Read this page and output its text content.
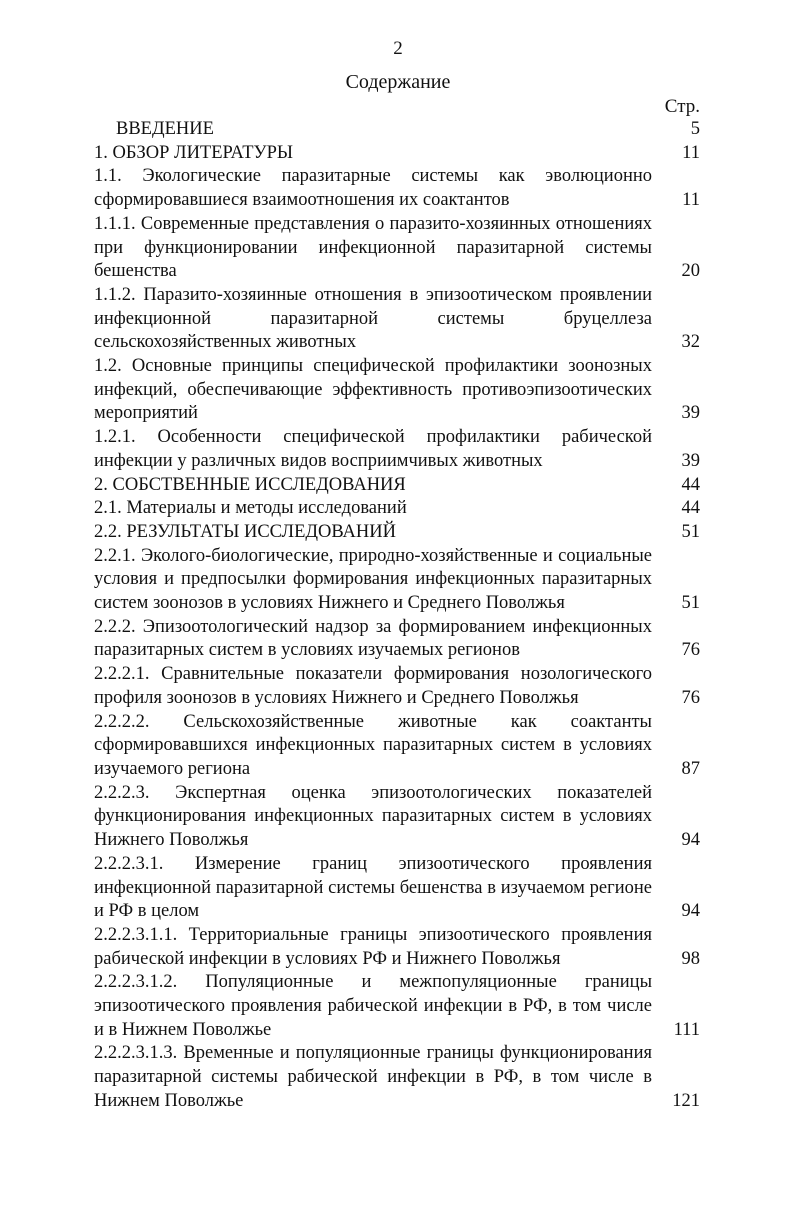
2
Содержание
Стр.
ВВЕДЕНИЕ	5
1. ОБЗОР ЛИТЕРАТУРЫ	11
1.1. Экологические паразитарные системы как эволюционно сформировавшиеся взаимоотношения их соактантов	11
1.1.1. Современные представления о паразито-хозяинных отношениях при функционировании инфекционной паразитарной системы бешенства	20
1.1.2. Паразито-хозяинные отношения в эпизоотическом проявлении инфекционной паразитарной системы бруцеллеза сельскохозяйственных животных	32
1.2. Основные принципы специфической профилактики зоонозных инфекций, обеспечивающие эффективность противоэпизоотических мероприятий	39
1.2.1. Особенности специфической профилактики рабической инфекции у различных видов восприимчивых животных	39
2. СОБСТВЕННЫЕ ИССЛЕДОВАНИЯ	44
2.1. Материалы и методы исследований	44
2.2. РЕЗУЛЬТАТЫ ИССЛЕДОВАНИЙ	51
2.2.1. Эколого-биологические, природно-хозяйственные и социальные условия и предпосылки формирования инфекционных паразитарных систем зоонозов в условиях Нижнего и Среднего Поволжья	51
2.2.2. Эпизоотологический надзор за формированием инфекционных паразитарных систем в условиях изучаемых регионов	76
2.2.2.1. Сравнительные показатели формирования нозологического профиля зоонозов в условиях Нижнего и Среднего Поволжья	76
2.2.2.2. Сельскохозяйственные животные как соактанты сформировавшихся инфекционных паразитарных систем в условиях изучаемого региона	87
2.2.2.3. Экспертная оценка эпизоотологических показателей функционирования инфекционных паразитарных систем в условиях Нижнего Поволжья	94
2.2.2.3.1. Измерение границ эпизоотического проявления инфекционной паразитарной системы бешенства в изучаемом регионе и РФ в целом	94
2.2.2.3.1.1. Территориальные границы эпизоотического проявления рабической инфекции в условиях РФ и Нижнего Поволжья	98
2.2.2.3.1.2. Популяционные и межпопуляционные границы эпизоотического проявления рабической инфекции в РФ, в том числе и в Нижнем Поволжье	111
2.2.2.3.1.3. Временные и популяционные границы функционирования паразитарной системы рабической инфекции в РФ, в том числе в Нижнем Поволжье	121
